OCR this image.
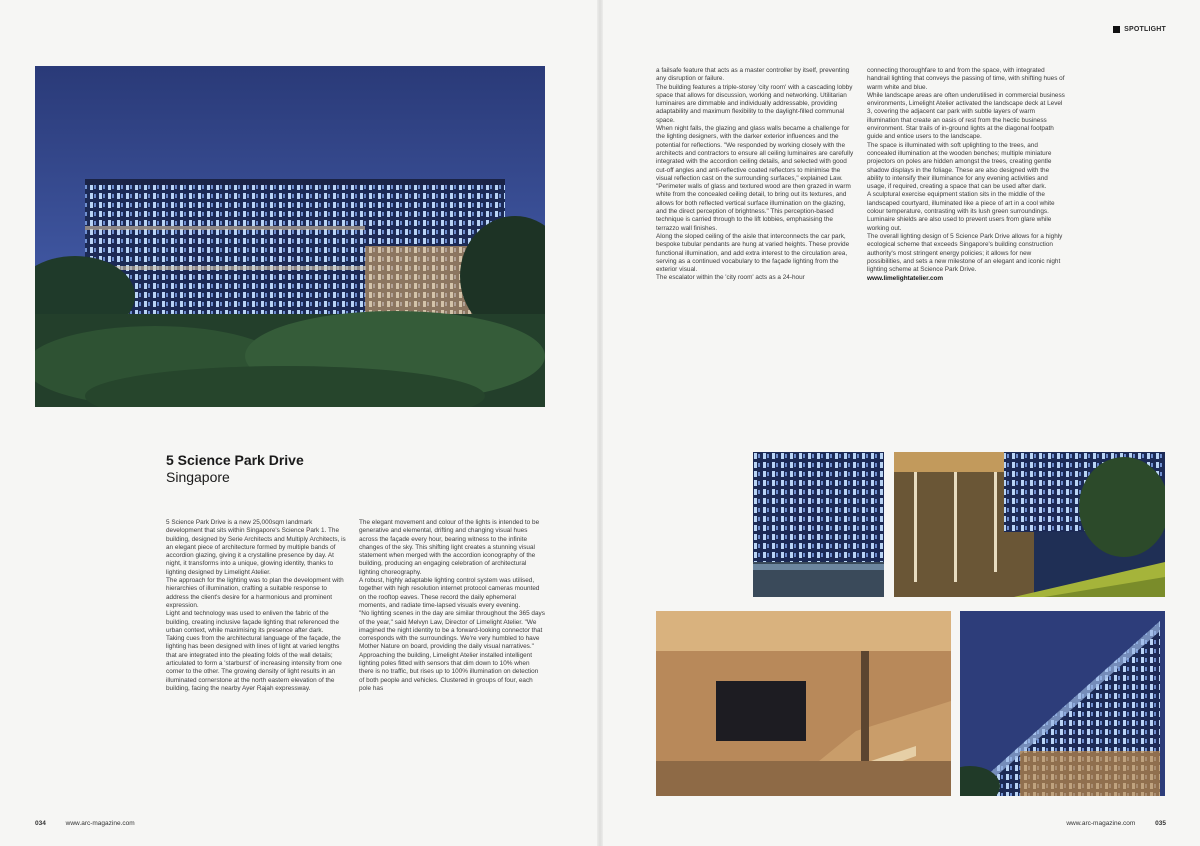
SPOTLIGHT
5 Science Park Drive
Singapore

5 Science Park Drive is a new 25,000sqm landmark development that sits within Singapore's Science Park 1. The building, designed by Serie Architects and Multiply Architects, is an elegant piece of architecture formed by multiple bands of accordion glazing, giving it a crystalline presence by day. At night, it transforms into a unique, glowing identity, thanks to lighting designed by Limelight Atelier.

The approach for the lighting was to plan the development with hierarchies of illumination, crafting a suitable response to address the client's desire for a harmonious and prominent expression.

Light and technology was used to enliven the fabric of the building, creating inclusive façade lighting that referenced the urban context, while maximising its presence after dark.

Taking cues from the architectural language of the façade, the lighting has been designed with lines of light at varied lengths that are integrated into the pleating folds of the wall details; articulated to form a 'starburst' of increasing intensity from one corner to the other. The growing density of light results in an illuminated cornerstone at the north eastern elevation of the building, facing the nearby Ayer Rajah expressway.

The elegant movement and colour of the lights is intended to be generative and elemental, drifting and changing visual hues across the façade every hour, bearing witness to the infinite changes of the sky. This shifting light creates a stunning visual statement when merged with the accordion iconography of the building, producing an engaging celebration of architectural lighting choreography.

A robust, highly adaptable lighting control system was utilised, together with high resolution internet protocol cameras mounted on the rooftop eaves. These record the daily ephemeral moments, and radiate time-lapsed visuals every evening.

"No lighting scenes in the day are similar throughout the 365 days of the year," said Melvyn Law, Director of Limelight Atelier. "We imagined the night identity to be a forward-looking connector that corresponds with the surroundings. We're very humbled to have Mother Nature on board, providing the daily visual narratives."

Approaching the building, Limelight Atelier installed intelligent lighting poles fitted with sensors that dim down to 10% when there is no traffic, but rises up to 100% illumination on detection of both people and vehicles. Clustered in groups of four, each pole has

a failsafe feature that acts as a master controller by itself, preventing any disruption or failure.

The building features a triple-storey 'city room' with a cascading lobby space that allows for discussion, working and networking. Utilitarian luminaires are dimmable and individually addressable, providing adaptability and maximum flexibility to the daylight-filled communal space.

When night falls, the glazing and glass walls became a challenge for the lighting designers, with the darker exterior influences and the potential for reflections. "We responded by working closely with the architects and contractors to ensure all ceiling luminaires are carefully integrated with the accordion ceiling details, and selected with good cut-off angles and anti-reflective coated reflectors to minimise the visual reflection cast on the surrounding surfaces," explained Law.

"Perimeter walls of glass and textured wood are then grazed in warm white from the concealed ceiling detail, to bring out its textures, and allows for both reflected vertical surface illumination on the glazing, and the direct perception of brightness." This perception-based technique is carried through to the lift lobbies, emphasising the terrazzo wall finishes.

Along the sloped ceiling of the aisle that interconnects the car park, bespoke tubular pendants are hung at varied heights. These provide functional illumination, and add extra interest to the circulation area, serving as a continued vocabulary to the façade lighting from the exterior visual.

The escalator within the 'city room' acts as a 24-hour

connecting thoroughfare to and from the space, with integrated handrail lighting that conveys the passing of time, with shifting hues of warm white and blue.

While landscape areas are often underutilised in commercial business environments, Limelight Atelier activated the landscape deck at Level 3, covering the adjacent car park with subtle layers of warm illumination that create an oasis of rest from the hectic business environment. Star trails of in-ground lights at the diagonal footpath guide and entice users to the landscape.

The space is illuminated with soft uplighting to the trees, and concealed illumination at the wooden benches; multiple miniature projectors on poles are hidden amongst the trees, creating gentle shadow displays in the foliage. These are also designed with the ability to intensify their illuminance for any evening activities and usage, if required, creating a space that can be used after dark.

A sculptural exercise equipment station sits in the middle of the landscaped courtyard, illuminated like a piece of art in a cool white colour temperature, contrasting with its lush green surroundings. Luminaire shields are also used to prevent users from glare while working out.

The overall lighting design of 5 Science Park Drive allows for a highly ecological scheme that exceeds Singapore's building construction authority's most stringent energy policies; it allows for new possibilities, and sets a new milestone of an elegant and iconic night lighting scheme at Science Park Drive.

www.limelightatelier.com

034	www.arc-magazine.com	www.arc-magazine.com	035
